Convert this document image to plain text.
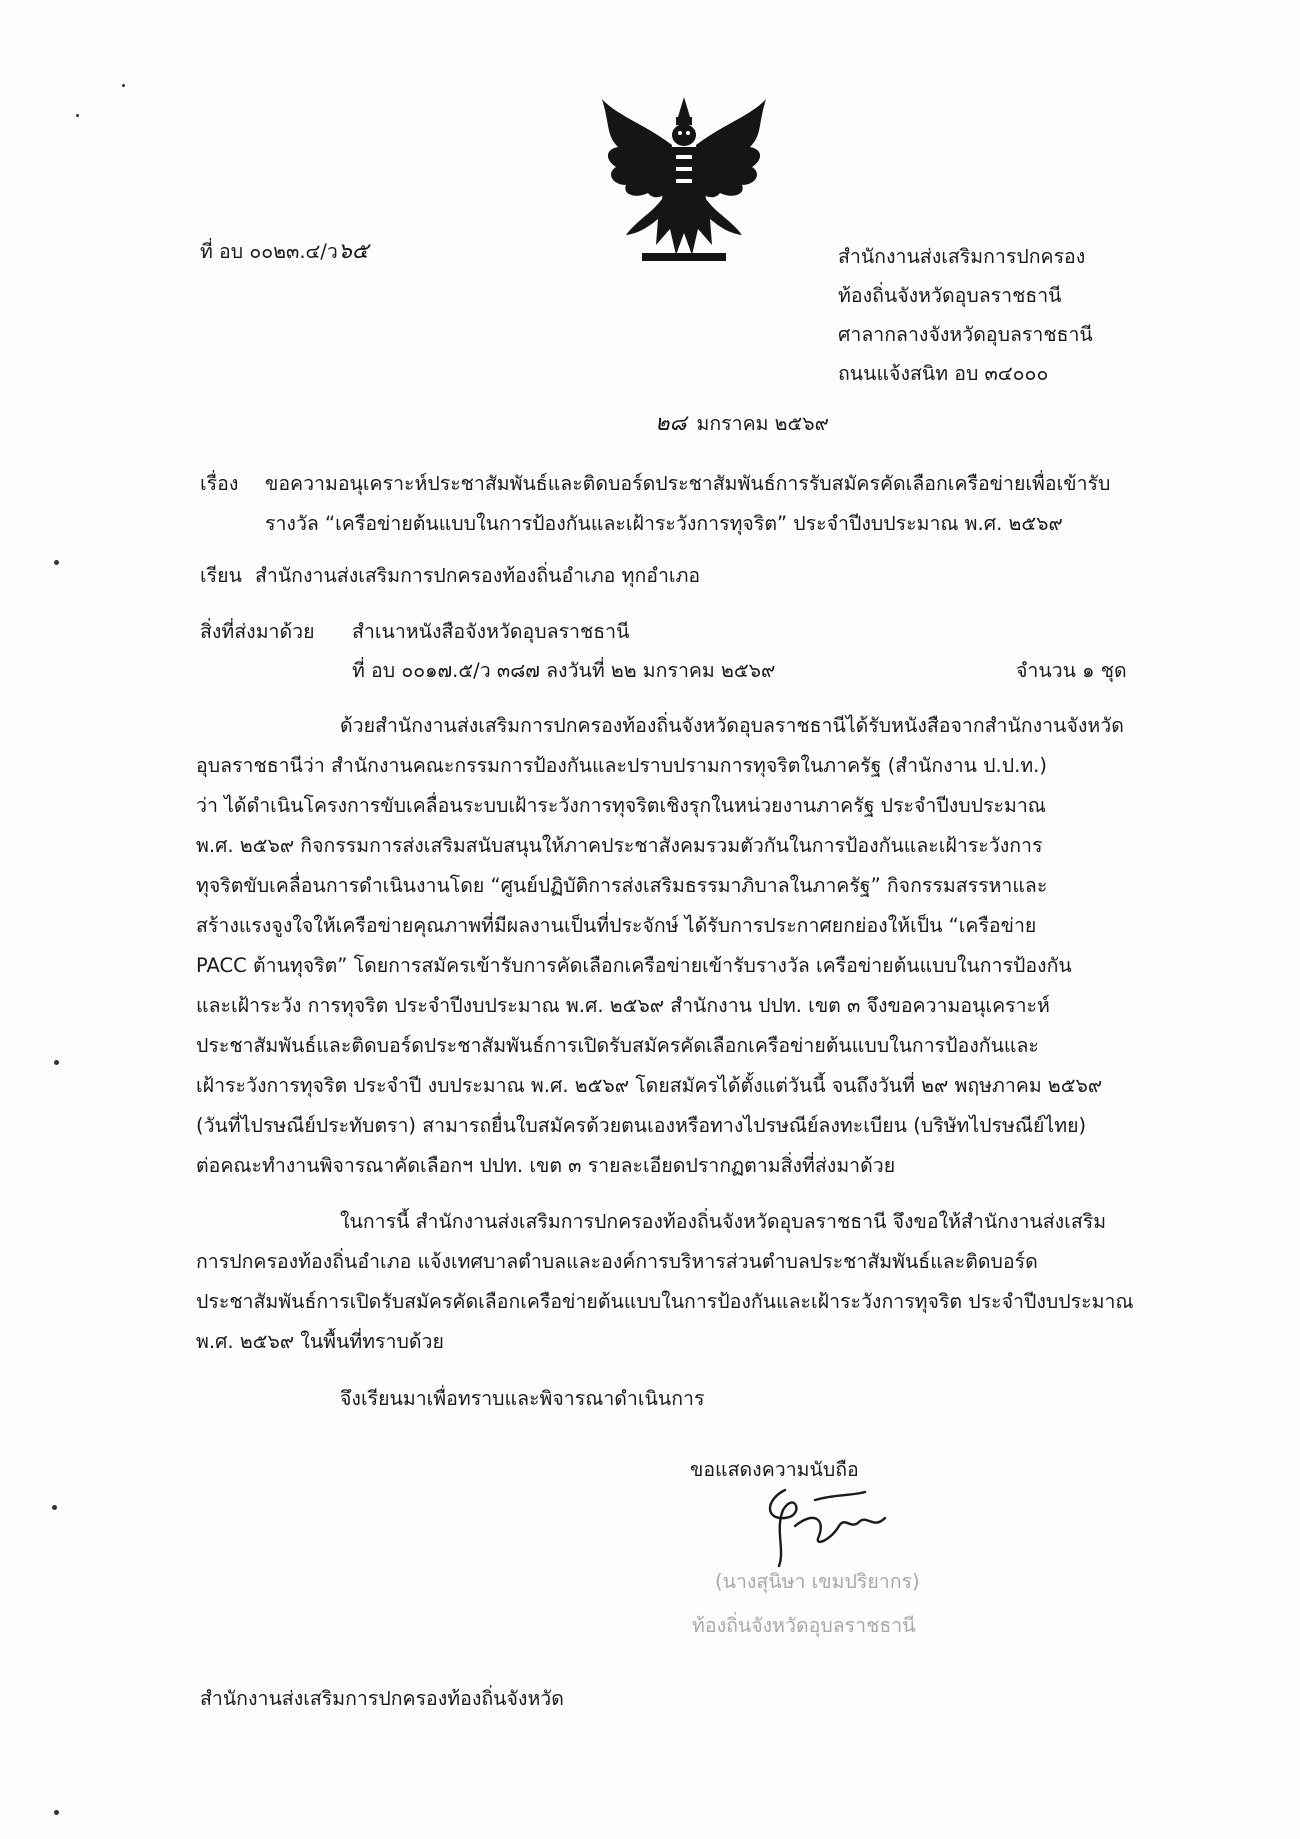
ที่ อบ ๐๐๒๓.๔/ว๖๕	สำนักงานส่งเสริมการปกครอง
ท้องถิ่นจังหวัดอุบลราชธานี
ศาลากลางจังหวัดอุบลราชธานี
ถนนแจ้งสนิท อบ ๓๔๐๐๐
๒๘ มกราคม ๒๕๖๙
เรื่อง ขอความอนุเคราะห์ประชาสัมพันธ์และติดบอร์ดประชาสัมพันธ์การรับสมัครคัดเลือกเครือข่ายเพื่อเข้ารับ
รางวัล “เครือข่ายต้นแบบในการป้องกันและเฝ้าระวังการทุจริต” ประจำปีงบประมาณ พ.ศ. ๒๕๖๙
เรียน สำนักงานส่งเสริมการปกครองท้องถิ่นอำเภอ ทุกอำเภอ
สิ่งที่ส่งมาด้วย สำเนาหนังสือจังหวัดอุบลราชธานี
ที่ อบ ๐๐๑๗.๕/ว ๓๘๗ ลงวันที่ ๒๒ มกราคม ๒๕๖๙	จำนวน ๑ ชุด
ด้วยสำนักงานส่งเสริมการปกครองท้องถิ่นจังหวัดอุบลราชธานีได้รับหนังสือจากสำนักงานจังหวัด
อุบลราชธานีว่า สำนักงานคณะกรรมการป้องกันและปราบปรามการทุจริตในภาครัฐ (สำนักงาน ป.ป.ท.)
ว่า ได้ดำเนินโครงการขับเคลื่อนระบบเฝ้าระวังการทุจริตเชิงรุกในหน่วยงานภาครัฐ ประจำปีงบประมาณ
พ.ศ. ๒๕๖๙ กิจกรรมการส่งเสริมสนับสนุนให้ภาคประชาสังคมรวมตัวกันในการป้องกันและเฝ้าระวังการ
ทุจริตขับเคลื่อนการดำเนินงานโดย “ศูนย์ปฏิบัติการส่งเสริมธรรมาภิบาลในภาครัฐ” กิจกรรมสรรหาและ
สร้างแรงจูงใจให้เครือข่ายคุณภาพที่มีผลงานเป็นที่ประจักษ์ ได้รับการประกาศยกย่องให้เป็น “เครือข่าย
PACC ต้านทุจริต” โดยการสมัครเข้ารับการคัดเลือกเครือข่ายเข้ารับรางวัล เครือข่ายต้นแบบในการป้องกัน
และเฝ้าระวัง การทุจริต ประจำปีงบประมาณ พ.ศ. ๒๕๖๙ สำนักงาน ปปท. เขต ๓ จึงขอความอนุเคราะห์
ประชาสัมพันธ์และติดบอร์ดประชาสัมพันธ์การเปิดรับสมัครคัดเลือกเครือข่ายต้นแบบในการป้องกันและ
เฝ้าระวังการทุจริต ประจำปี งบประมาณ พ.ศ. ๒๕๖๙ โดยสมัครได้ตั้งแต่วันนี้ จนถึงวันที่ ๒๙ พฤษภาคม ๒๕๖๙
(วันที่ไปรษณีย์ประทับตรา) สามารถยื่นใบสมัครด้วยตนเองหรือทางไปรษณีย์ลงทะเบียน (บริษัทไปรษณีย์ไทย)
ต่อคณะทำงานพิจารณาคัดเลือกฯ ปปท. เขต ๓ รายละเอียดปรากฏตามสิ่งที่ส่งมาด้วย
ในการนี้ สำนักงานส่งเสริมการปกครองท้องถิ่นจังหวัดอุบลราชธานี จึงขอให้สำนักงานส่งเสริม
การปกครองท้องถิ่นอำเภอ แจ้งเทศบาลตำบลและองค์การบริหารส่วนตำบลประชาสัมพันธ์และติดบอร์ด
ประชาสัมพันธ์การเปิดรับสมัครคัดเลือกเครือข่ายต้นแบบในการป้องกันและเฝ้าระวังการทุจริต ประจำปีงบประมาณ
พ.ศ. ๒๕๖๙ ในพื้นที่ทราบด้วย
จึงเรียนมาเพื่อทราบและพิจารณาดำเนินการ
ขอแสดงความนับถือ
(นางสุนิษา เขมปริยากร)
ท้องถิ่นจังหวัดอุบลราชธานี
สำนักงานส่งเสริมการปกครองท้องถิ่นจังหวัด
